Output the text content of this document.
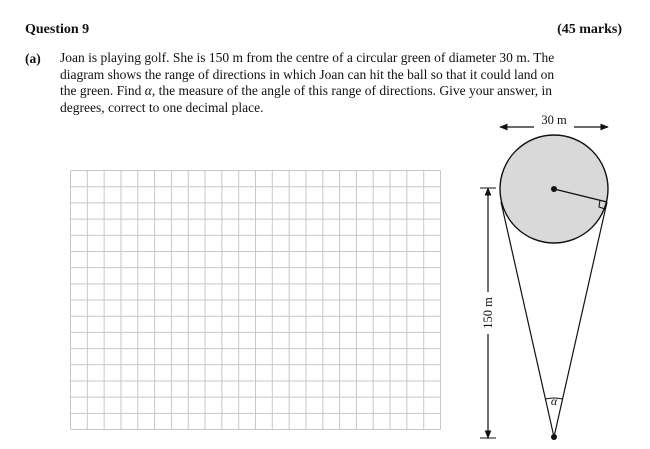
Question 9	(45 marks)
(a) Joan is playing golf. She is 150 m from the centre of a circular green of diameter 30 m. The
diagram shows the range of directions in which Joan can hit the ball so that it could land on
the green. Find α, the measure of the angle of this range of directions. Give your answer, in
degrees, correct to one decimal place.
30 m
150 m
α
